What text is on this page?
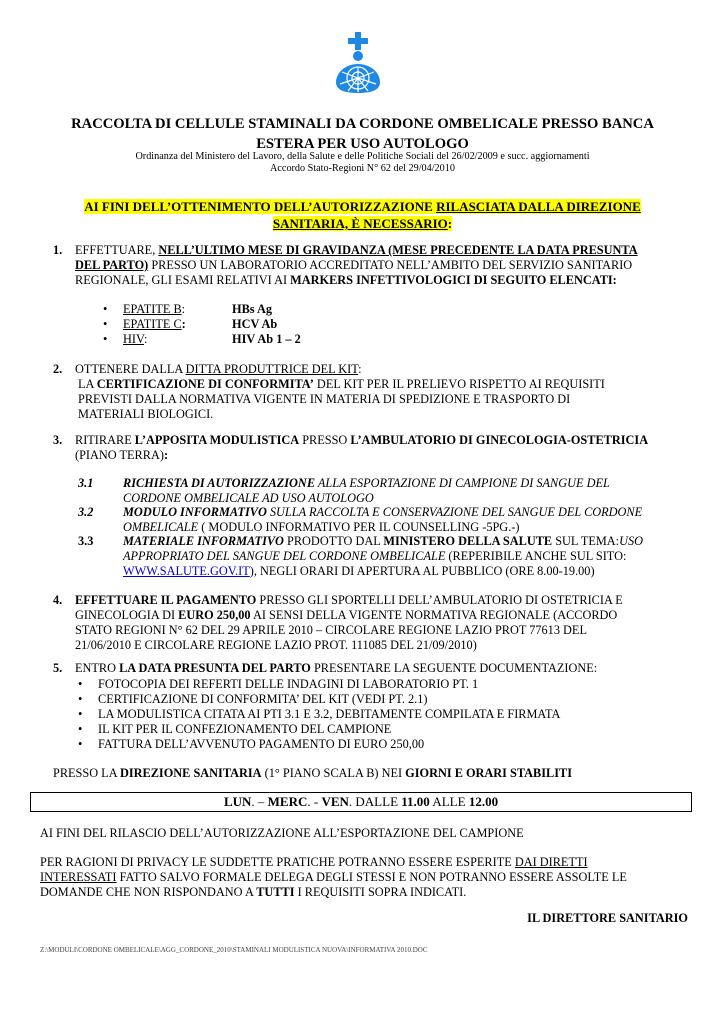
RACCOLTA DI CELLULE STAMINALI DA CORDONE OMBELICALE PRESSO BANCA
ESTERA PER USO AUTOLOGO
Ordinanza del Ministero del Lavoro, della Salute e delle Politiche Sociali del 26/02/2009 e succ. aggiornamenti
Accordo Stato-Regioni N° 62 del 29/04/2010
AI FINI DELL’OTTENIMENTO DELL’AUTORIZZAZIONE RILASCIATA DALLA DIREZIONE
SANITARIA, È NECESSARIO:
1. EFFETTUARE, NELL’ULTIMO MESE DI GRAVIDANZA (MESE PRECEDENTE LA DATA PRESUNTA
DEL PARTO) PRESSO UN LABORATORIO ACCREDITATO NELL’AMBITO DEL SERVIZIO SANITARIO
REGIONALE, GLI ESAMI RELATIVI AI MARKERS INFETTIVOLOGICI DI SEGUITO ELENCATI:
• EPATITE B:	HBs Ag
• EPATITE C:	HCV Ab
• HIV:	HIV Ab 1 – 2
2. OTTENERE DALLA DITTA PRODUTTRICE DEL KIT:
LA CERTIFICAZIONE DI CONFORMITA’ DEL KIT PER IL PRELIEVO RISPETTO AI REQUISITI
PREVISTI DALLA NORMATIVA VIGENTE IN MATERIA DI SPEDIZIONE E TRASPORTO DI
MATERIALI BIOLOGICI.
3. RITIRARE L’APPOSITA MODULISTICA PRESSO L’AMBULATORIO DI GINECOLOGIA-OSTETRICIA
(PIANO TERRA):
3.1 RICHIESTA DI AUTORIZZAZIONE ALLA ESPORTAZIONE DI CAMPIONE DI SANGUE DEL
CORDONE OMBELICALE AD USO AUTOLOGO
3.2 MODULO INFORMATIVO SULLA RACCOLTA E CONSERVAZIONE DEL SANGUE DEL CORDONE
OMBELICALE ( MODULO INFORMATIVO PER IL COUNSELLING -5PG.-)
3.3 MATERIALE INFORMATIVO PRODOTTO DAL MINISTERO DELLA SALUTE SUL TEMA:USO
APPROPRIATO DEL SANGUE DEL CORDONE OMBELICALE (REPERIBILE ANCHE SUL SITO:
WWW.SALUTE.GOV.IT), NEGLI ORARI DI APERTURA AL PUBBLICO (ORE 8.00-19.00)
4. EFFETTUARE IL PAGAMENTO PRESSO GLI SPORTELLI DELL’AMBULATORIO DI OSTETRICIA E
GINECOLOGIA DI EURO 250,00 AI SENSI DELLA VIGENTE NORMATIVA REGIONALE (ACCORDO
STATO REGIONI N° 62 DEL 29 APRILE 2010 – CIRCOLARE REGIONE LAZIO PROT 77613 DEL
21/06/2010 E CIRCOLARE REGIONE LAZIO PROT. 111085 DEL 21/09/2010)
5. ENTRO LA DATA PRESUNTA DEL PARTO PRESENTARE LA SEGUENTE DOCUMENTAZIONE:
• FOTOCOPIA DEI REFERTI DELLE INDAGINI DI LABORATORIO PT. 1
• CERTIFICAZIONE DI CONFORMITA’ DEL KIT (VEDI PT. 2.1)
• LA MODULISTICA CITATA AI PTI 3.1 E 3.2, DEBITAMENTE COMPILATA E FIRMATA
• IL KIT PER IL CONFEZIONAMENTO DEL CAMPIONE
• FATTURA DELL’AVVENUTO PAGAMENTO DI EURO 250,00
PRESSO LA DIREZIONE SANITARIA (1° PIANO SCALA B) NEI GIORNI E ORARI STABILITI
LUN. – MERC. - VEN. DALLE 11.00 ALLE 12.00
AI FINI DEL RILASCIO DELL’AUTORIZZAZIONE ALL’ESPORTAZIONE DEL CAMPIONE
PER RAGIONI DI PRIVACY LE SUDDETTE PRATICHE POTRANNO ESSERE ESPERITE DAI DIRETTI
INTERESSATI FATTO SALVO FORMALE DELEGA DEGLI STESSI E NON POTRANNO ESSERE ASSOLTE LE
DOMANDE CHE NON RISPONDANO A TUTTI I REQUISITI SOPRA INDICATI.
IL DIRETTORE SANITARIO
Z:\MODULI\CORDONE OMBELICALE\AGG_CORDONE_2010\STAMINALI MODULISTICA NUOVA\INFORMATIVA 2010.DOC
